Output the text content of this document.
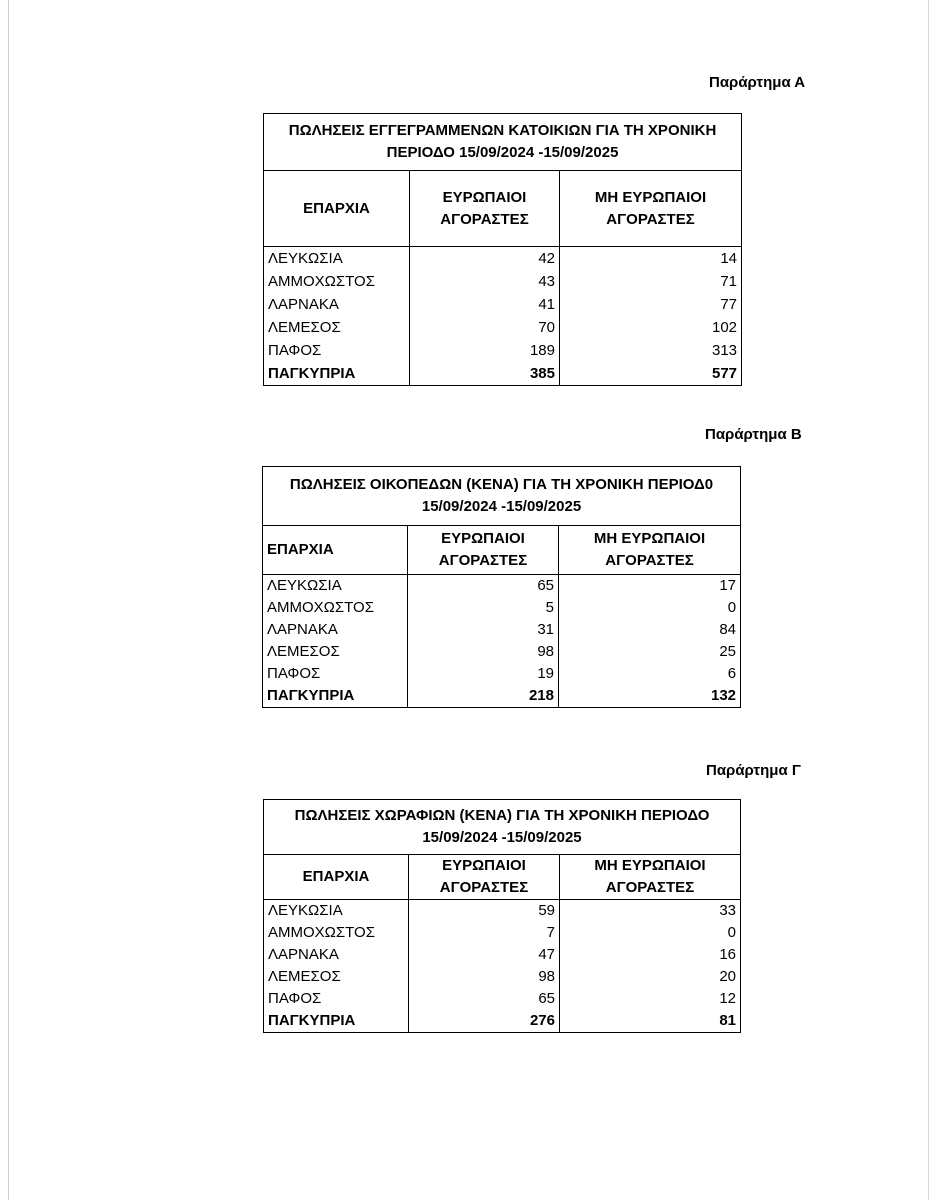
Παράρτημα Α
ΠΩΛΗΣΕΙΣ ΕΓΓΕΓΡΑΜΜΕΝΩΝ ΚΑΤΟΙΚΙΩΝ ΓΙΑ ΤΗ ΧΡΟΝΙΚΗ ΠΕΡΙΟΔΟ 15/09/2024 -15/09/2025		
ΕΠΑΡΧΙΑ	ΕΥΡΩΠΑΙΟΙ ΑΓΟΡΑΣΤΕΣ	ΜΗ ΕΥΡΩΠΑΙΟΙ ΑΓΟΡΑΣΤΕΣ
ΛΕΥΚΩΣΙΑ	42	14
ΑΜΜΟΧΩΣΤΟΣ	43	71
ΛΑΡΝΑΚΑ	41	77
ΛΕΜΕΣΟΣ	70	102
ΠΑΦΟΣ	189	313
ΠΑΓΚΥΠΡΙΑ	385	577
Παράρτημα Β
ΠΩΛΗΣΕΙΣ ΟΙΚΟΠΕΔΩΝ (ΚΕΝΑ) ΓΙΑ ΤΗ ΧΡΟΝΙΚΗ ΠΕΡΙΟΔ0 15/09/2024 -15/09/2025		
ΕΠΑΡΧΙΑ	ΕΥΡΩΠΑΙΟΙ ΑΓΟΡΑΣΤΕΣ	ΜΗ ΕΥΡΩΠΑΙΟΙ ΑΓΟΡΑΣΤΕΣ
ΛΕΥΚΩΣΙΑ	65	17
ΑΜΜΟΧΩΣΤΟΣ	5	0
ΛΑΡΝΑΚΑ	31	84
ΛΕΜΕΣΟΣ	98	25
ΠΑΦΟΣ	19	6
ΠΑΓΚΥΠΡΙΑ	218	132
Παράρτημα Γ
ΠΩΛΗΣΕΙΣ ΧΩΡΑΦΙΩΝ (ΚΕΝΑ) ΓΙΑ ΤΗ ΧΡΟΝΙΚΗ ΠΕΡΙΟΔΟ 15/09/2024 -15/09/2025		
ΕΠΑΡΧΙΑ	ΕΥΡΩΠΑΙΟΙ ΑΓΟΡΑΣΤΕΣ	ΜΗ ΕΥΡΩΠΑΙΟΙ ΑΓΟΡΑΣΤΕΣ
ΛΕΥΚΩΣΙΑ	59	33
ΑΜΜΟΧΩΣΤΟΣ	7	0
ΛΑΡΝΑΚΑ	47	16
ΛΕΜΕΣΟΣ	98	20
ΠΑΦΟΣ	65	12
ΠΑΓΚΥΠΡΙΑ	276	81
